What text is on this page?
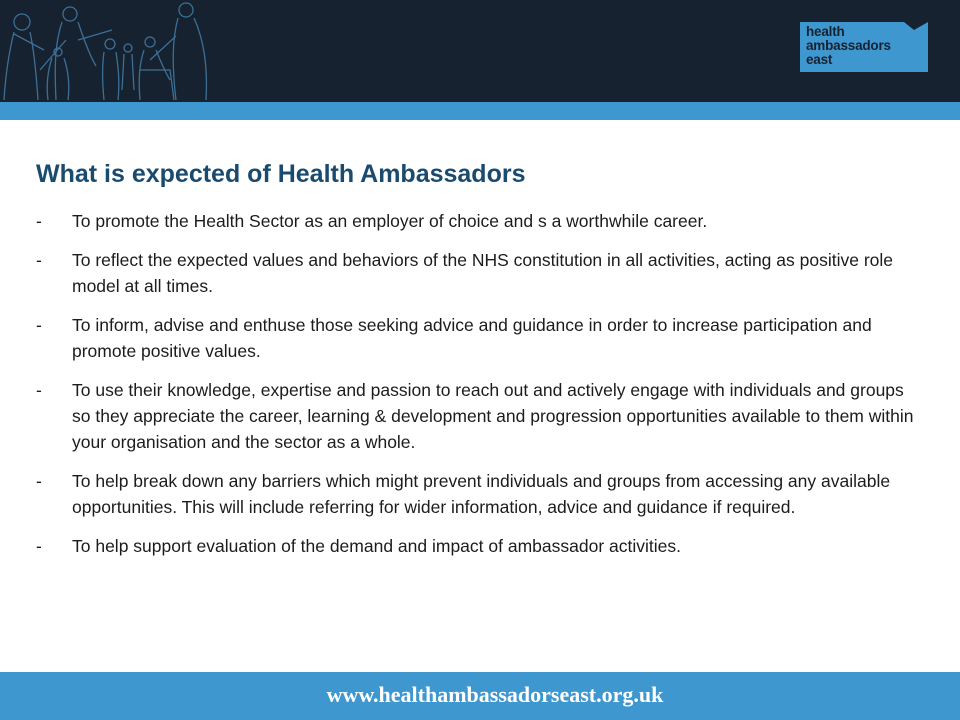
health
ambassadors
east
What is expected of Health Ambassadors
- To promote the Health Sector as an employer of choice and s a worthwhile career.
- To reflect the expected values and behaviors of the NHS constitution in all activities, acting as positive role model at all times.
- To inform, advise and enthuse those seeking advice and guidance in order to increase participation and promote positive values.
- To use their knowledge, expertise and passion to reach out and actively engage with individuals and groups so they appreciate the career, learning & development and progression opportunities available to them within your organisation and the sector as a whole.
- To help break down any barriers which might prevent individuals and groups from accessing any available opportunities. This will include referring for wider information, advice and guidance if required.
- To help support evaluation of the demand and impact of ambassador activities.
www.healthambassadorseast.org.uk
